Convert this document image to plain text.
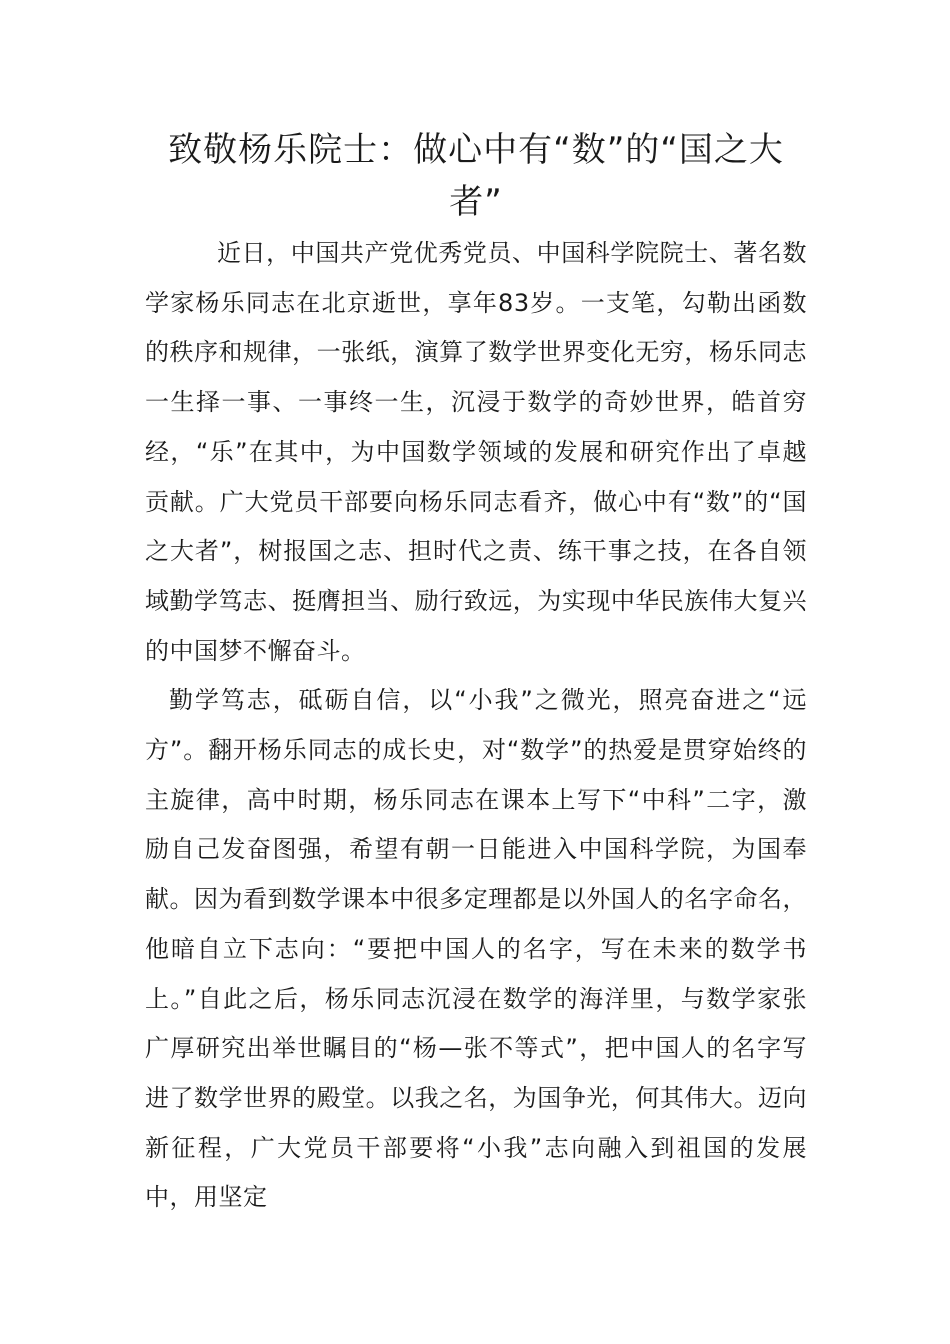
致敬杨乐院士：做心中有“数”的“国之大者”

近日，中国共产党优秀党员、中国科学院院士、著名数学家杨乐同志在北京逝世，享年83岁。一支笔，勾勒出函数的秩序和规律，一张纸，演算了数学世界变化无穷，杨乐同志一生择一事、一事终一生，沉浸于数学的奇妙世界，皓首穷经，“乐”在其中，为中国数学领域的发展和研究作出了卓越贡献。广大党员干部要向杨乐同志看齐，做心中有“数”的“国之大者”，树报国之志、担时代之责、练干事之技，在各自领域勤学笃志、挺膺担当、励行致远，为实现中华民族伟大复兴的中国梦不懈奋斗。

勤学笃志，砥砺自信，以“小我”之微光，照亮奋进之“远方”。翻开杨乐同志的成长史，对“数学”的热爱是贯穿始终的主旋律，高中时期，杨乐同志在课本上写下“中科”二字，激励自己发奋图强，希望有朝一日能进入中国科学院，为国奉献。因为看到数学课本中很多定理都是以外国人的名字命名，他暗自立下志向：“要把中国人的名字，写在未来的数学书上。”自此之后，杨乐同志沉浸在数学的海洋里，与数学家张广厚研究出举世瞩目的“杨—张不等式”，把中国人的名字写进了数学世界的殿堂。以我之名，为国争光，何其伟大。迈向新征程，广大党员干部要将“小我”志向融入到祖国的发展中，用坚定
